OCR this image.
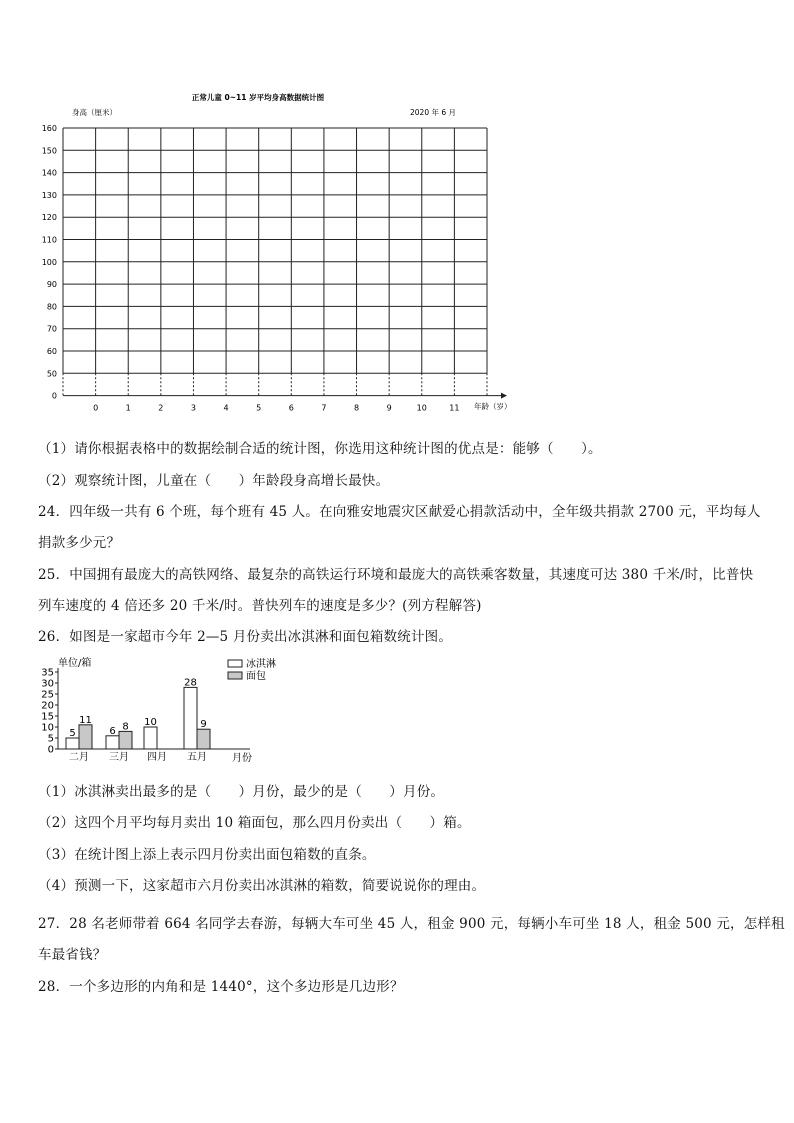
正常儿童 0~11 岁平均身高数据统计图
身高（厘米）	2020 年 6 月
160
150
140
130
120
110
100
90
80
70
60
50
0
0	1	2	3	4	5	6	7	8	9	10	11 年龄（岁）
（1）请你根据表格中的数据绘制合适的统计图，你选用这种统计图的优点是：能够（　　）。
（2）观察统计图，儿童在（　　）年龄段身高增长最快。
24．四年级一共有 6 个班，每个班有 45 人。在向雅安地震灾区献爱心捐款活动中，全年级共捐款 2700 元，平均每人
捐款多少元？
25．中国拥有最庞大的高铁网络、最复杂的高铁运行环境和最庞大的高铁乘客数量，其速度可达 380 千米/时，比普快
列车速度的 4 倍还多 20 千米/时。普快列车的速度是多少？(列方程解答)
26．如图是一家超市今年 2—5 月份卖出冰淇淋和面包箱数统计图。
单位/箱
0
5
10
15
20
25
30
35
5
11
6 8 10
28
9
二月 三月 四月 五月
冰淇淋
面包
月份
（1）冰淇淋卖出最多的是（　　）月份，最少的是（　　）月份。
（2）这四个月平均每月卖出 10 箱面包，那么四月份卖出（　　）箱。
（3）在统计图上添上表示四月份卖出面包箱数的直条。
（4）预测一下，这家超市六月份卖出冰淇淋的箱数，简要说说你的理由。
27．28 名老师带着 664 名同学去春游，每辆大车可坐 45 人，租金 900 元，每辆小车可坐 18 人，租金 500 元，怎样租
车最省钱？
28．一个多边形的内角和是 1440°，这个多边形是几边形？
